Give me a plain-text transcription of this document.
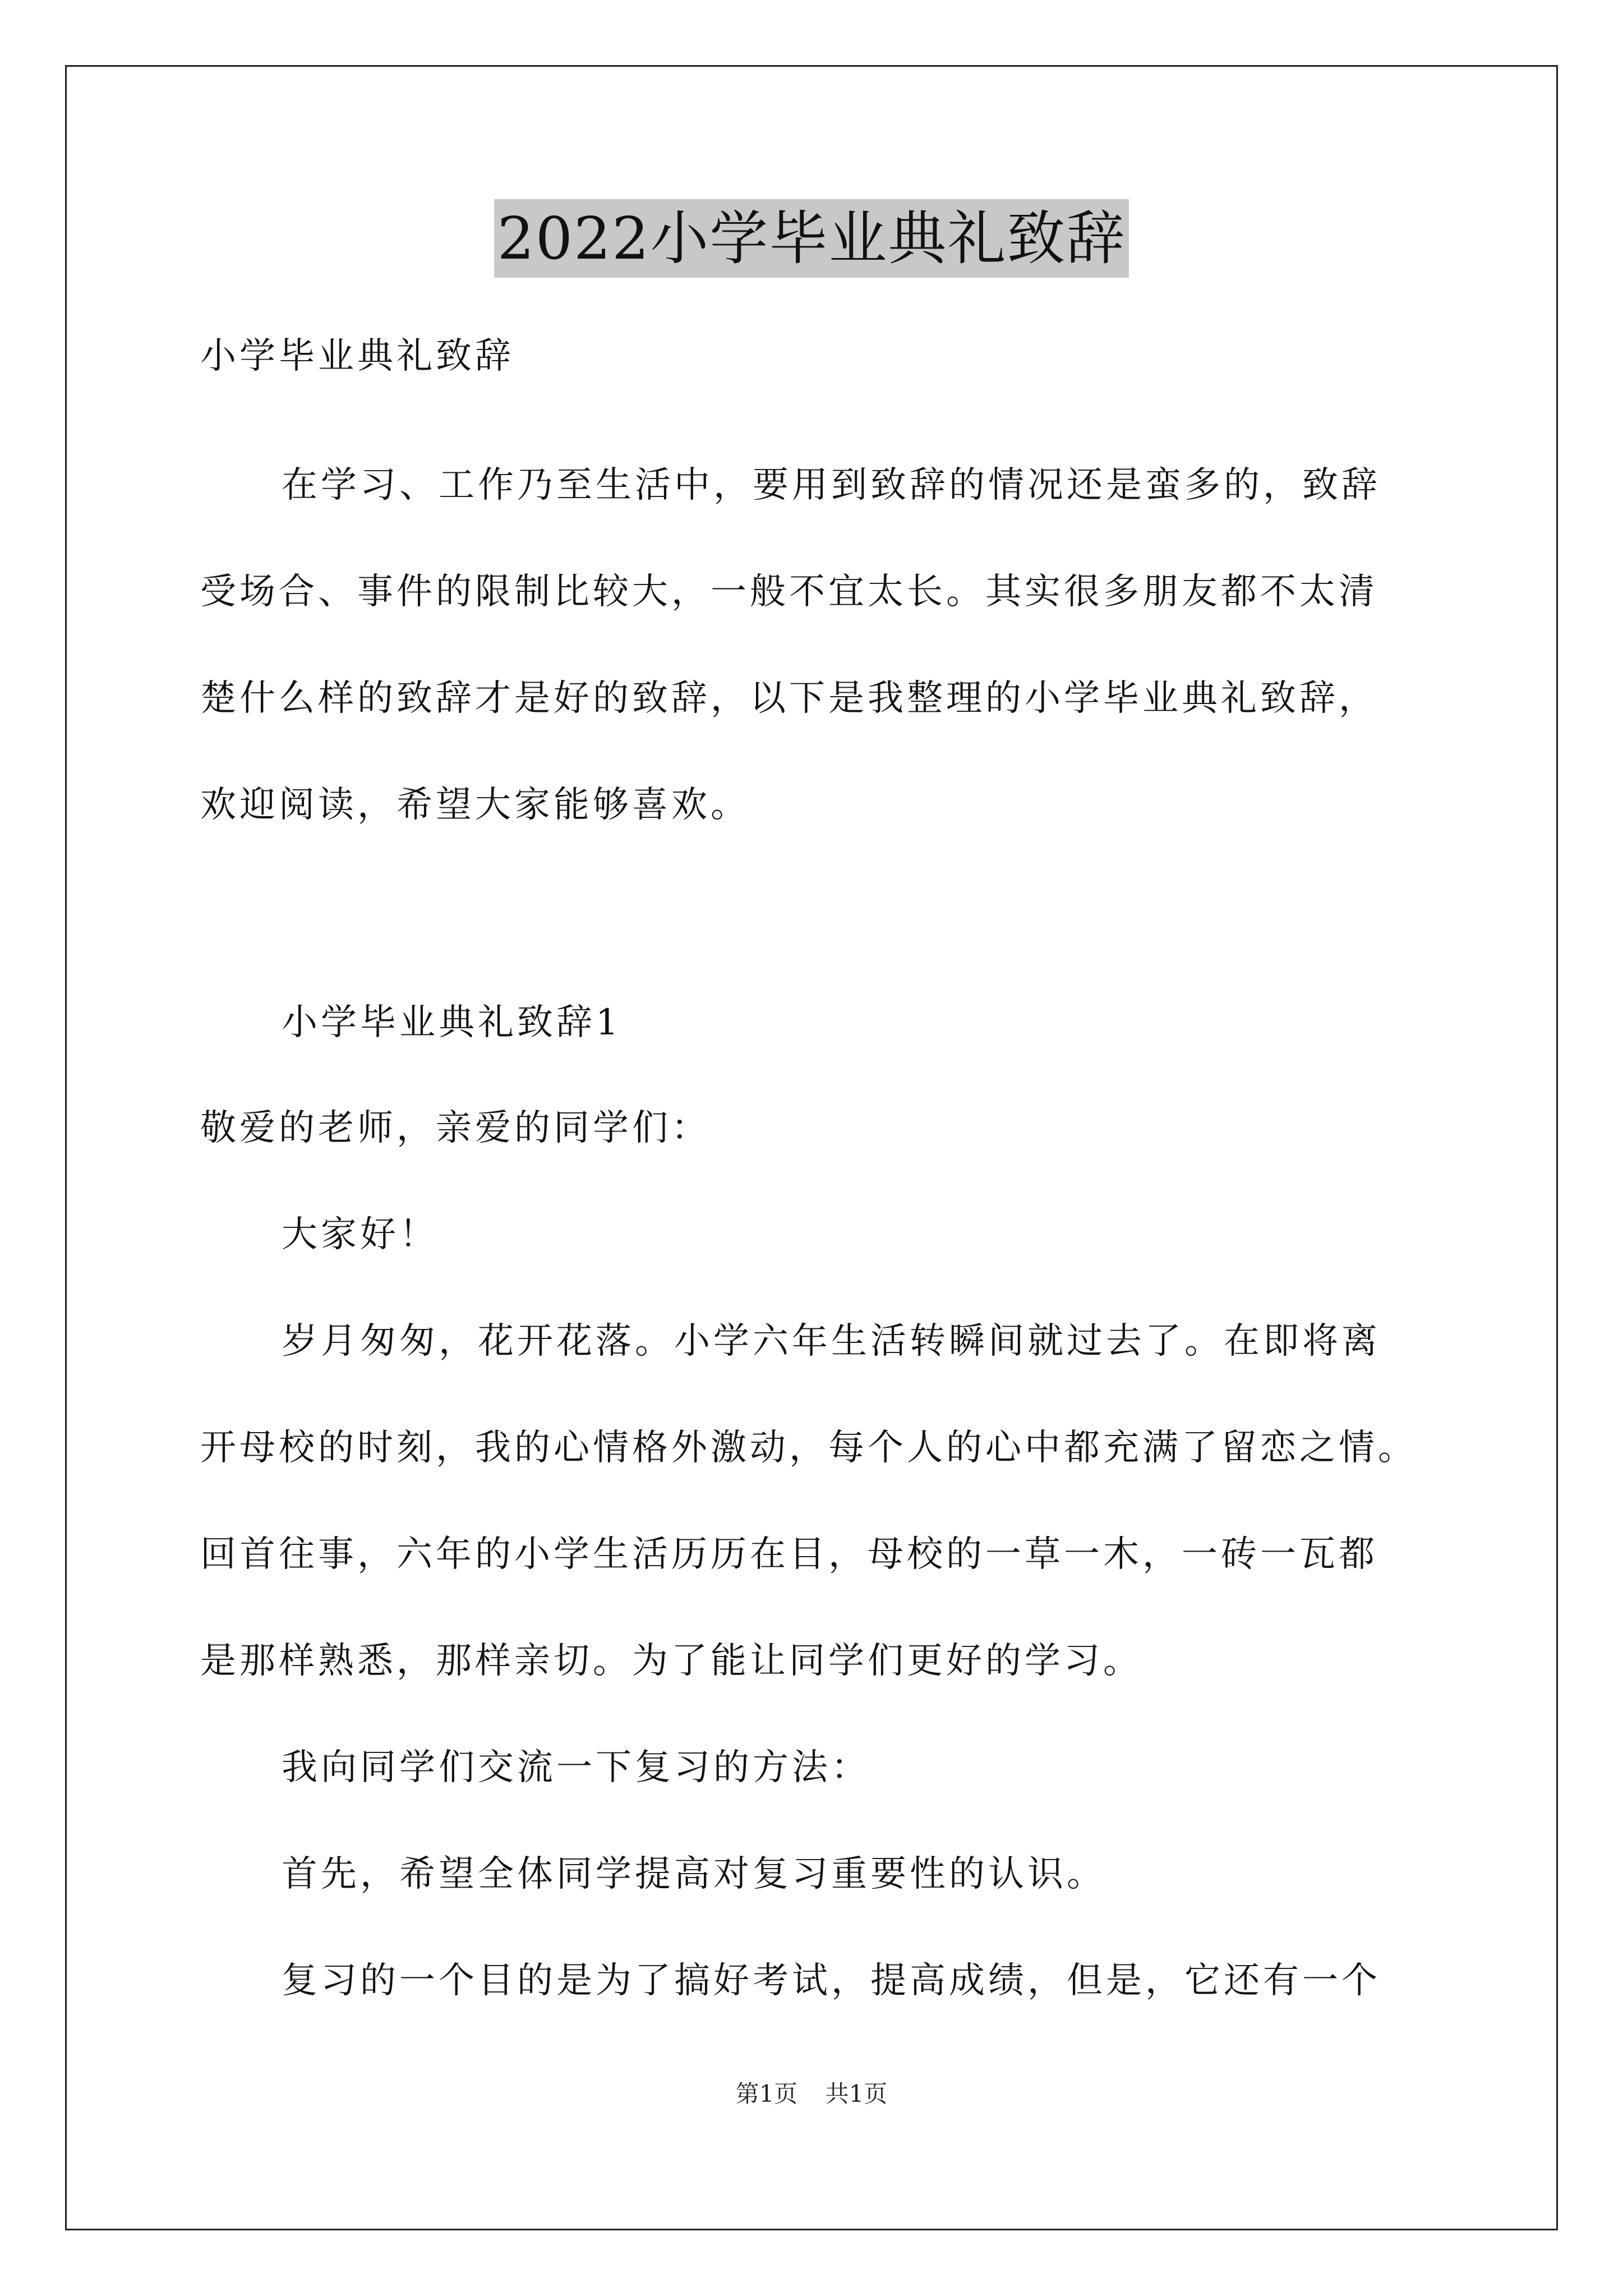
2022小学毕业典礼致辞
小学毕业典礼致辞
在学习、工作乃至生活中，要用到致辞的情况还是蛮多的，致辞
受场合、事件的限制比较大，一般不宜太长。其实很多朋友都不太清
楚什么样的致辞才是好的致辞，以下是我整理的小学毕业典礼致辞，
欢迎阅读，希望大家能够喜欢。
小学毕业典礼致辞1
敬爱的老师，亲爱的同学们：
大家好！
岁月匆匆，花开花落。小学六年生活转瞬间就过去了。在即将离
开母校的时刻，我的心情格外激动，每个人的心中都充满了留恋之情。
回首往事，六年的小学生活历历在目，母校的一草一木，一砖一瓦都
是那样熟悉，那样亲切。为了能让同学们更好的学习。
我向同学们交流一下复习的方法：
首先，希望全体同学提高对复习重要性的认识。
复习的一个目的是为了搞好考试，提高成绩，但是，它还有一个
第1页 共1页
